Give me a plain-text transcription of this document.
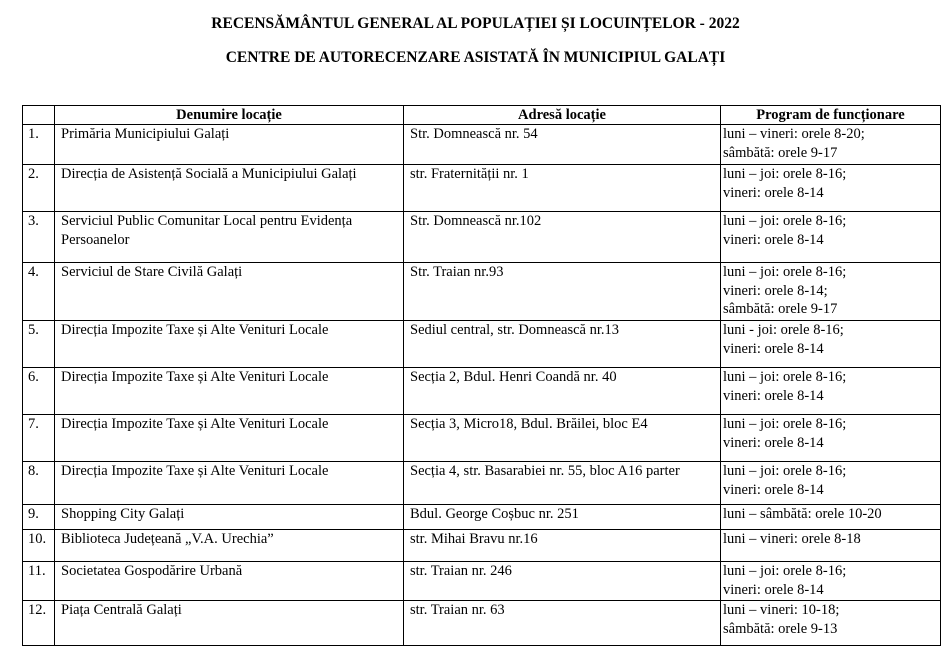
RECENSĂMÂNTUL GENERAL AL POPULAȚIEI ȘI LOCUINȚELOR - 2022
CENTRE DE AUTORECENZARE ASISTATĂ ÎN MUNICIPIUL GALAȚI
	Denumire locație	Adresă locație	Program de funcționare
1.	Primăria Municipiului Galați	Str. Domnească nr. 54	luni – vineri: orele 8-20;
sâmbătă: orele 9-17

2.	Direcția de Asistență Socială a Municipiului Galați	str. Fraternității nr. 1	luni – joi: orele 8-16;
vineri: orele 8-14

3.	Serviciul Public Comunitar Local pentru Evidența Persoanelor	Str. Domnească nr.102	luni – joi: orele 8-16;
vineri: orele 8-14

4.	Serviciul de Stare Civilă Galați	Str. Traian nr.93	luni – joi: orele 8-16;
vineri: orele 8-14;
sâmbătă: orele 9-17

5.	Direcția Impozite Taxe și Alte Venituri Locale	Sediul central, str. Domnească nr.13	luni - joi: orele 8-16;
vineri: orele 8-14

6.	Direcția Impozite Taxe și Alte Venituri Locale	Secția 2, Bdul. Henri Coandă nr. 40	luni – joi: orele 8-16;
vineri: orele 8-14

7.	Direcția Impozite Taxe și Alte Venituri Locale	Secția 3, Micro18, Bdul. Brăilei, bloc E4	luni – joi: orele 8-16;
vineri: orele 8-14

8.	Direcția Impozite Taxe și Alte Venituri Locale	Secția 4, str. Basarabiei nr. 55, bloc A16 parter	luni – joi: orele 8-16;
vineri: orele 8-14

9.	Shopping City Galați	Bdul. George Coșbuc nr. 251	luni – sâmbătă: orele 10-20

10.	Biblioteca Județeană „V.A. Urechia”	str. Mihai Bravu nr.16	luni – vineri: orele 8-18

11.	Societatea Gospodărire Urbană	str. Traian nr. 246	luni – joi: orele 8-16;
vineri: orele 8-14

12.	Piața Centrală Galați	str. Traian nr. 63	luni – vineri: 10-18;
sâmbătă: orele 9-13
